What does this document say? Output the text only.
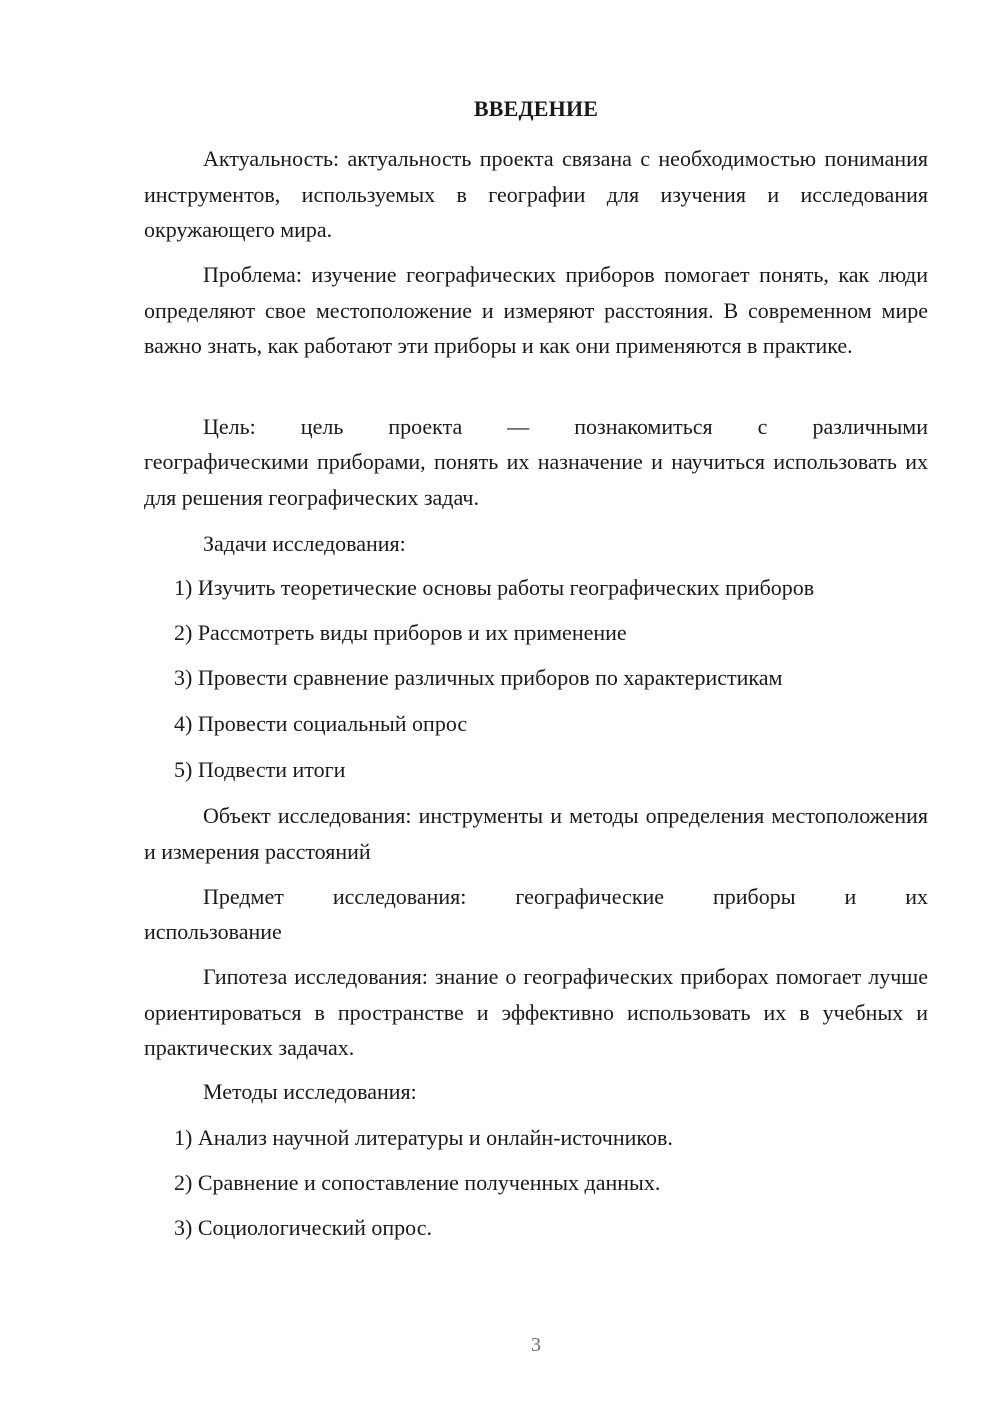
ВВЕДЕНИЕ

Актуальность: актуальность проекта связана с необходимостью понимания инструментов, используемых в географии для изучения и исследования окружающего мира.

Проблема: изучение географических приборов помогает понять, как люди определяют свое местоположение и измеряют расстояния. В современном мире важно знать, как работают эти приборы и как они применяются в практике.

Цель: цель проекта — познакомиться с различными

географическими приборами, понять их назначение и научиться использовать их для решения географических задач.

Задачи исследования:
1) Изучить теоретические основы работы географических приборов
2) Рассмотреть виды приборов и их применение
3) Провести сравнение различных приборов по характеристикам
4) Провести социальный опрос
5) Подвести итоги

Объект исследования: инструменты и методы определения местоположения и измерения расстояний

Предмет исследования: географические приборы и их

использование

Гипотеза исследования: знание о географических приборах помогает лучше ориентироваться в пространстве и эффективно использовать их в учебных и практических задачах.

Методы исследования:
1) Анализ научной литературы и онлайн-источников.
2) Сравнение и сопоставление полученных данных.
3) Социологический опрос.
3
